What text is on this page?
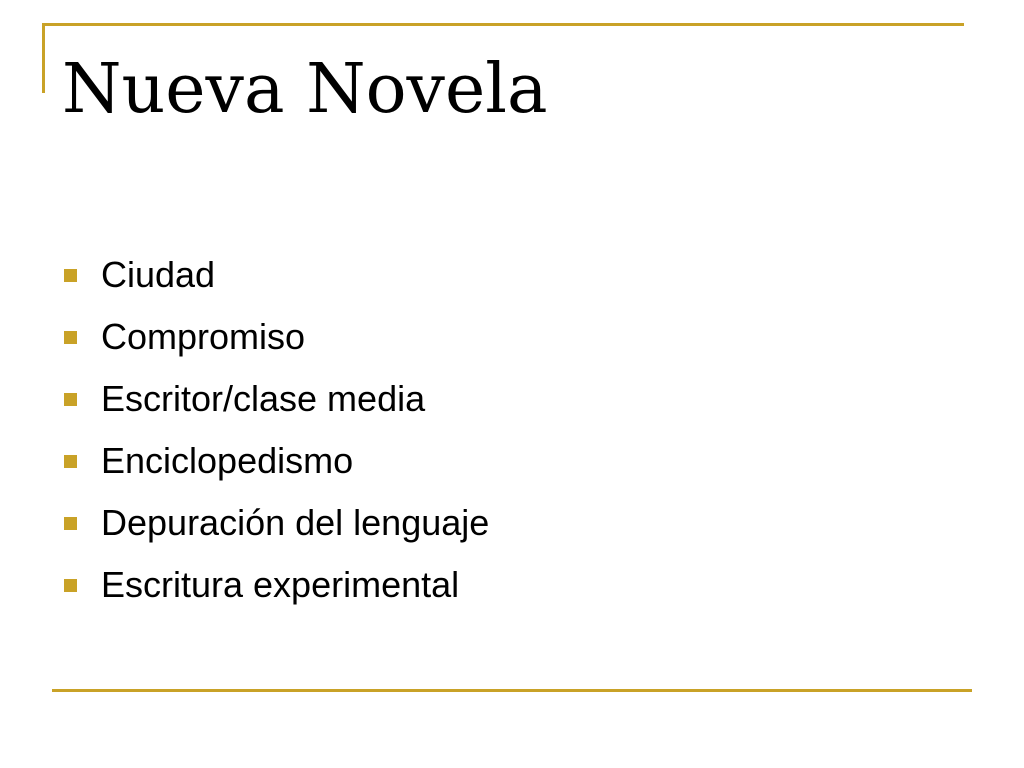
Nueva Novela
Ciudad
Compromiso
Escritor/clase media
Enciclopedismo
Depuración del lenguaje
Escritura experimental
